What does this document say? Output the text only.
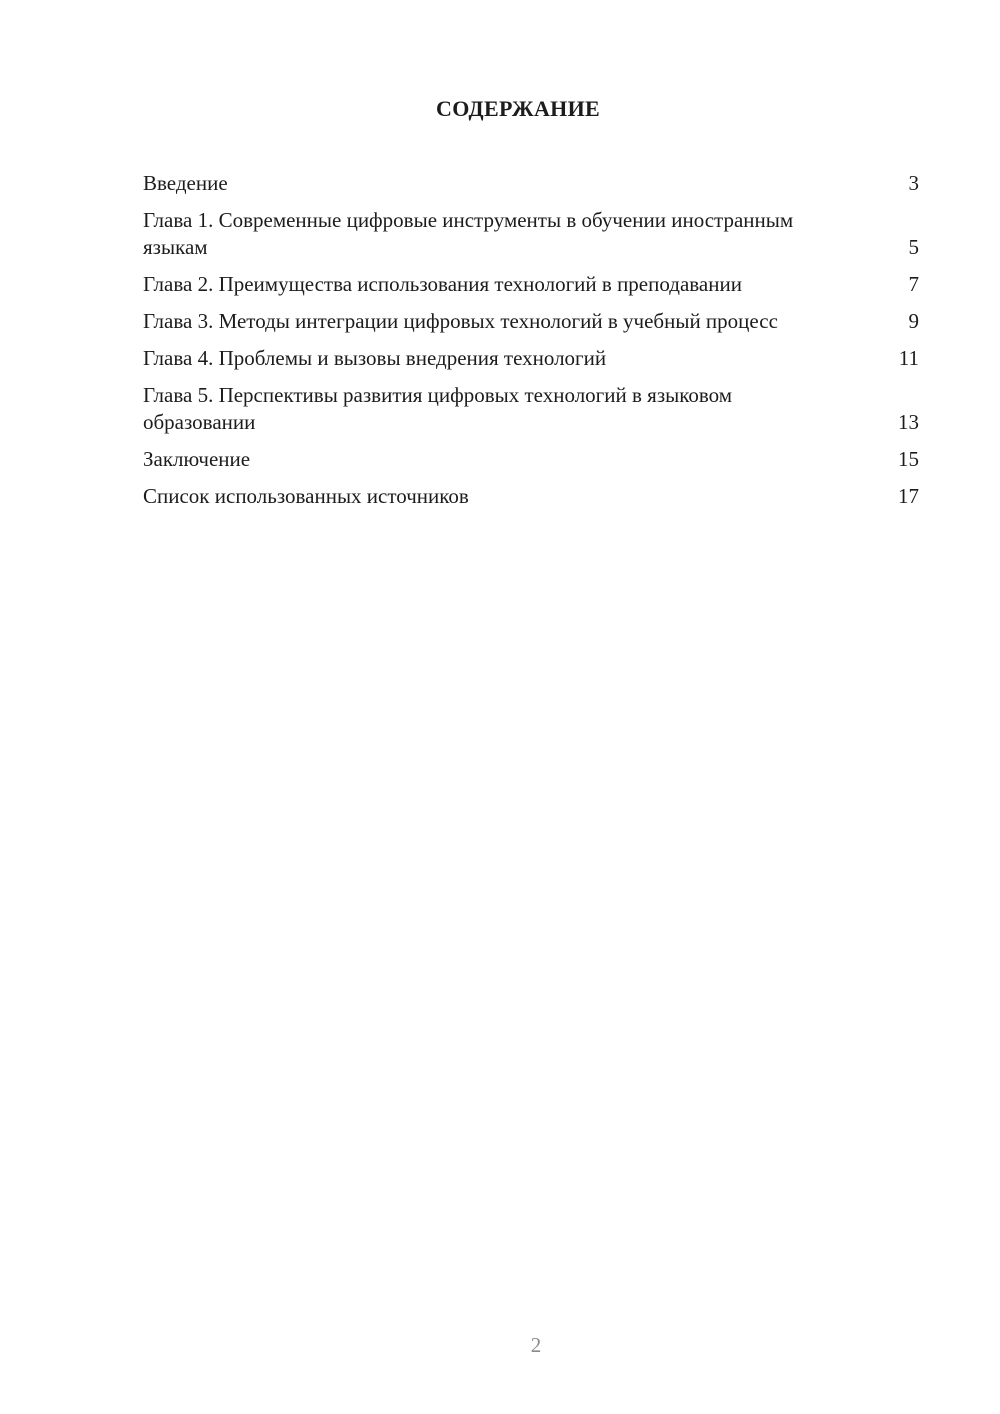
СОДЕРЖАНИЕ
Введение	3
Глава 1. Современные цифровые инструменты в обучении иностранным языкам	5
Глава 2. Преимущества использования технологий в преподавании	7
Глава 3. Методы интеграции цифровых технологий в учебный процесс	9
Глава 4. Проблемы и вызовы внедрения технологий	11
Глава 5. Перспективы развития цифровых технологий в языковом образовании	13
Заключение	15
Список использованных источников	17
2
